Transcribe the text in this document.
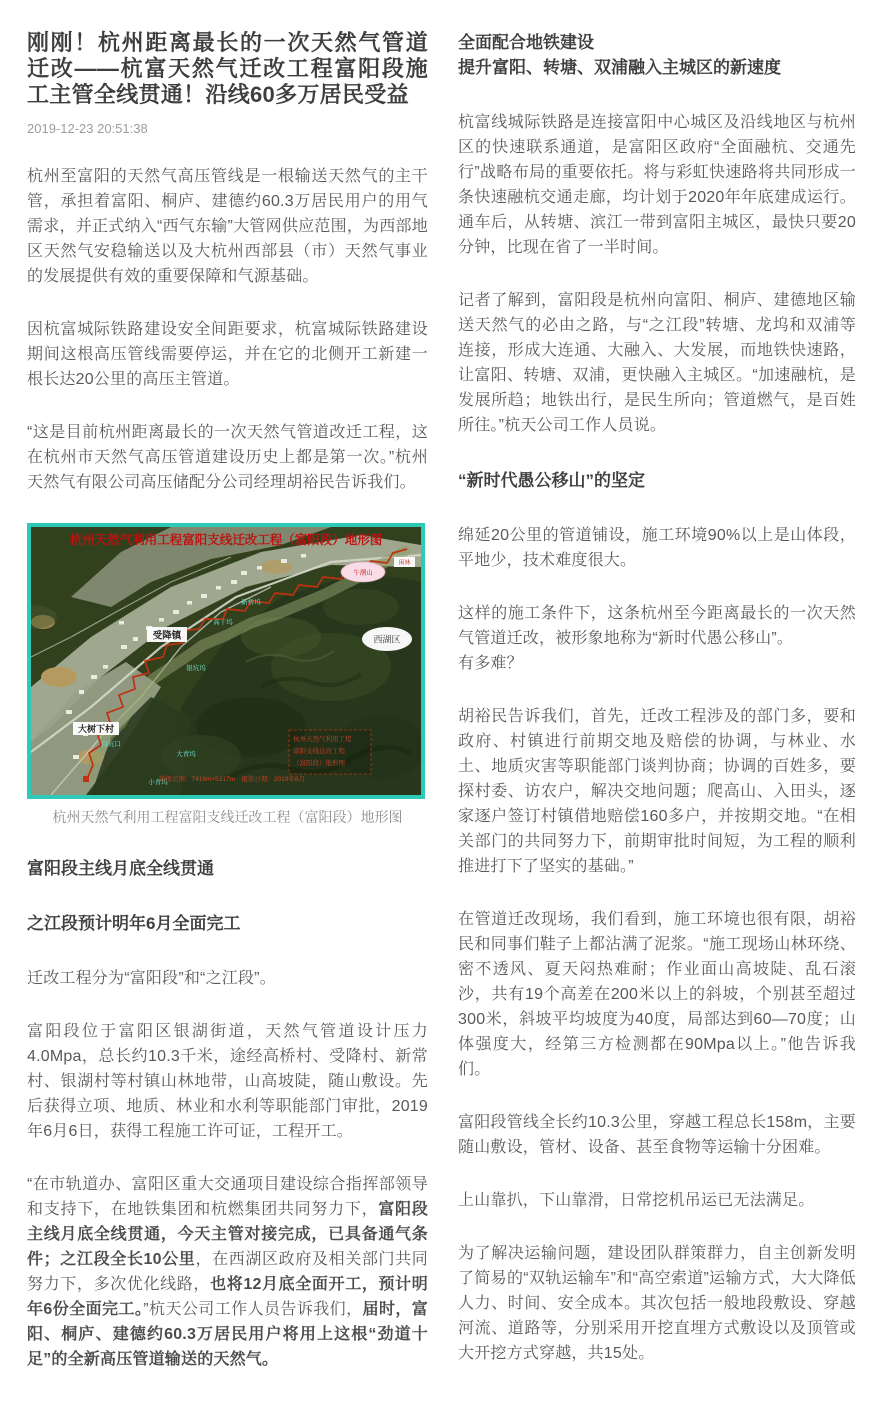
刚刚！杭州距离最长的一次天然气管道迁改——杭富天然气迁改工程富阳段施工主管全线贯通！沿线60多万居民受益
2019-12-23 20:51:38

杭州至富阳的天然气高压管线是一根输送天然气的主干管，承担着富阳、桐庐、建德约60.3万居民用户的用气需求，并正式纳入“西气东输”大管网供应范围，为西部地区天然气安稳输送以及大杭州西部县（市）天然气事业的发展提供有效的重要保障和气源基础。

因杭富城际铁路建设安全间距要求，杭富城际铁路建设期间这根高压管线需要停运，并在它的北侧开工新建一根长达20公里的高压主管道。

“这是目前杭州距离最长的一次天然气管道改迁工程，这在杭州市天然气高压管道建设历史上都是第一次。”杭州天然气有限公司高压储配分公司经理胡裕民告诉我们。

杭州天然气利用工程富阳支线迁改工程（富阳段）地形图
受降镇
大树下村
西湖区
午潮山
闲林
高干坞
新桥坞
银坑坞
大青坞
小青坞
白坑口
杭州天然气利用工程
富阳支线迁改工程
（富阳段）地形图
影像范围：7416m×5317m　摄影日期：2019年6月
杭州天然气利用工程富阳支线迁改工程（富阳段）地形图
富阳段主线月底全线贯通
之江段预计明年6月全面完工

迁改工程分为“富阳段”和“之江段”。

富阳段位于富阳区银湖街道，天然气管道设计压力4.0Mpa，总长约10.3千米，途经高桥村、受降村、新常村、银湖村等村镇山林地带，山高坡陡，随山敷设。先后获得立项、地质、林业和水利等职能部门审批，2019年6月6日，获得工程施工许可证，工程开工。

“在市轨道办、富阳区重大交通项目建设综合指挥部领导和支持下，在地铁集团和杭燃集团共同努力下，富阳段主线月底全线贯通，今天主管对接完成，已具备通气条件；之江段全长10公里，在西湖区政府及相关部门共同努力下，多次优化线路，也将12月底全面开工，预计明年6份全面完工。”杭天公司工作人员告诉我们，届时，富阳、桐庐、建德约60.3万居民用户将用上这根“劲道十足”的全新高压管道输送的天然气。

全面配合地铁建设
提升富阳、转塘、双浦融入主城区的新速度

杭富线城际铁路是连接富阳中心城区及沿线地区与杭州区的快速联系通道，是富阳区政府“全面融杭、交通先行”战略布局的重要依托。将与彩虹快速路将共同形成一条快速融杭交通走廊，均计划于2020年年底建成运行。通车后，从转塘、滨江一带到富阳主城区，最快只要20分钟，比现在省了一半时间。

记者了解到，富阳段是杭州向富阳、桐庐、建德地区输送天然气的必由之路，与“之江段”转塘、龙坞和双浦等连接，形成大连通、大融入、大发展，而地铁快速路，让富阳、转塘、双浦，更快融入主城区。“加速融杭，是发展所趋；地铁出行，是民生所向；管道燃气，是百姓所往。”杭天公司工作人员说。

“新时代愚公移山”的坚定

绵延20公里的管道铺设，施工环境90%以上是山体段，平地少，技术难度很大。

这样的施工条件下，这条杭州至今距离最长的一次天然气管道迁改，被形象地称为“新时代愚公移山”。
有多难？

胡裕民告诉我们，首先，迁改工程涉及的部门多，要和政府、村镇进行前期交地及赔偿的协调，与林业、水土、地质灾害等职能部门谈判协商；协调的百姓多，要探村委、访农户，解决交地问题；爬高山、入田头，逐家逐户签订村镇借地赔偿160多户，并按期交地。“在相关部门的共同努力下，前期审批时间短，为工程的顺利推进打下了坚实的基础。”

在管道迁改现场，我们看到，施工环境也很有限，胡裕民和同事们鞋子上都沾满了泥浆。“施工现场山林环绕、密不透风、夏天闷热难耐；作业面山高坡陡、乱石滚沙，共有19个高差在200米以上的斜坡，个别甚至超过300米，斜坡平均坡度为40度，局部达到60—70度；山体强度大，经第三方检测都在90Mpa以上。”他告诉我们。

富阳段管线全长约10.3公里，穿越工程总长158m，主要随山敷设，管材、设备、甚至食物等运输十分困难。

上山靠扒，下山靠滑，日常挖机吊运已无法满足。

为了解决运输问题，建设团队群策群力，自主创新发明了简易的“双轨运输车”和“高空索道”运输方式，大大降低人力、时间、安全成本。其次包括一般地段敷设、穿越河流、道路等，分别采用开挖直埋方式敷设以及顶管或大开挖方式穿越，共15处。
